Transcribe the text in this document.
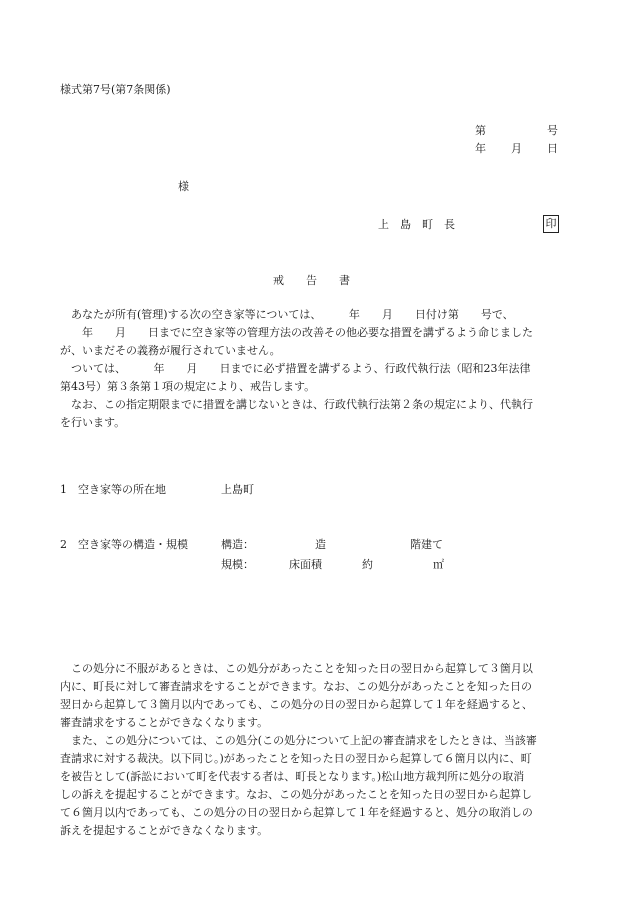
様式第7号(第7条関係)
第	号
年 月 日
様
上　島　町　長	印
戒　　告　　書
　あなたが所有(管理)する次の空き家等については、　　　年　　月　　日付け第　　号で、
　　年　　月　　日までに空き家等の管理方法の改善その他必要な措置を講ずるよう命じました
が、いまだその義務が履行されていません。
　ついては、　　　年　　月　　日までに必ず措置を講ずるよう、行政代執行法（昭和23年法律
第43号）第３条第１項の規定により、戒告します。
　なお、この指定期限までに措置を講じないときは、行政代執行法第２条の規定により、代執行
を行います。
1　空き家等の所在地	上島町
2　空き家等の構造・規模	構造：	造	階建て
規模：	床面積	約	㎡
　この処分に不服があるときは、この処分があったことを知った日の翌日から起算して３箇月以
内に、町長に対して審査請求をすることができます。なお、この処分があったことを知った日の
翌日から起算して３箇月以内であっても、この処分の日の翌日から起算して１年を経過すると、
審査請求をすることができなくなります。
　また、この処分については、この処分(この処分について上記の審査請求をしたときは、当該審
査請求に対する裁決。以下同じ。)があったことを知った日の翌日から起算して６箇月以内に、町
を被告として(訴訟において町を代表する者は、町長となります。)松山地方裁判所に処分の取消
しの訴えを提起することができます。なお、この処分があったことを知った日の翌日から起算し
て６箇月以内であっても、この処分の日の翌日から起算して１年を経過すると、処分の取消しの
訴えを提起することができなくなります。
